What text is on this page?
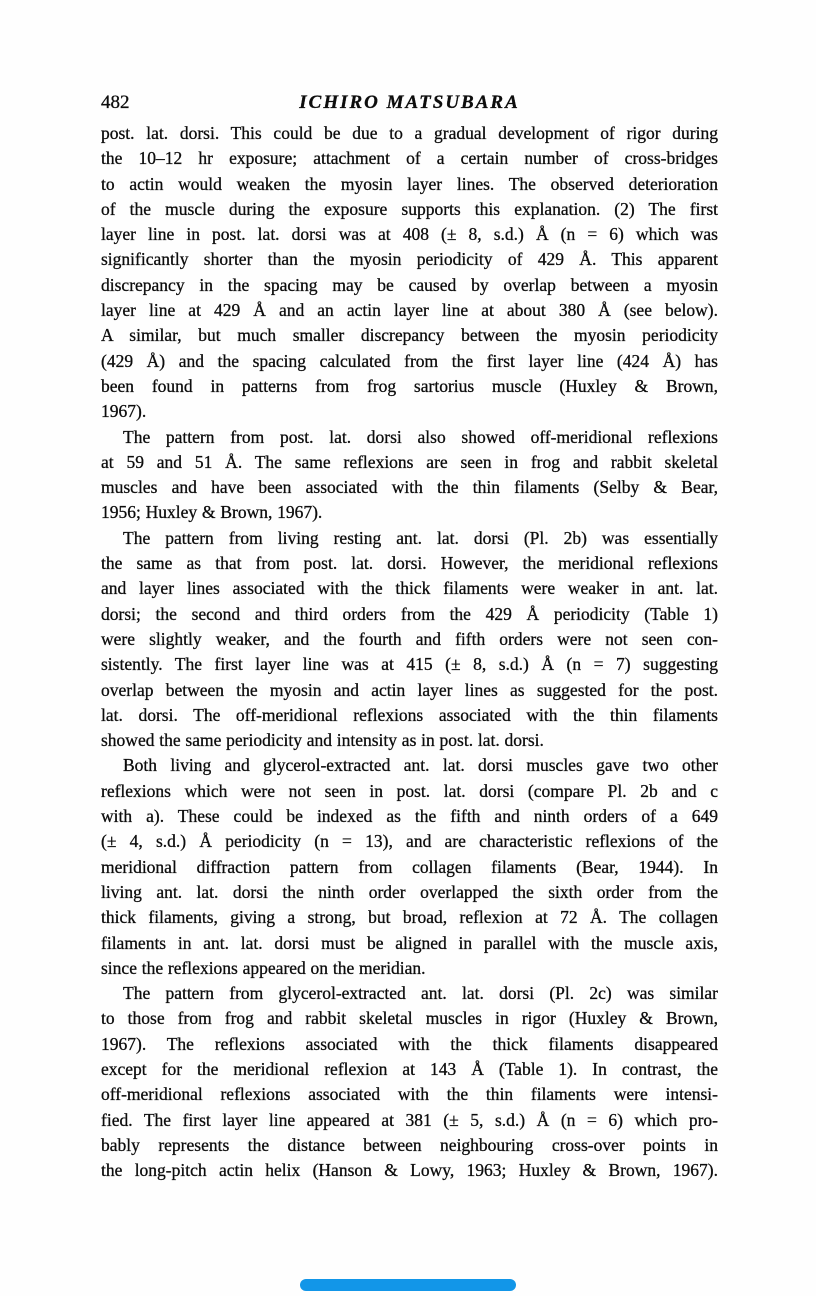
482	ICHIRO MATSUBARA
post. lat. dorsi. This could be due to a gradual development of rigor during
the 10–12 hr exposure; attachment of a certain number of cross-bridges
to actin would weaken the myosin layer lines. The observed deterioration
of the muscle during the exposure supports this explanation. (2) The first
layer line in post. lat. dorsi was at 408 (± 8, s.d.) Å (n = 6) which was
significantly shorter than the myosin periodicity of 429 Å. This apparent
discrepancy in the spacing may be caused by overlap between a myosin
layer line at 429 Å and an actin layer line at about 380 Å (see below).
A similar, but much smaller discrepancy between the myosin periodicity
(429 Å) and the spacing calculated from the first layer line (424 Å) has
been found in patterns from frog sartorius muscle (Huxley & Brown,
1967).
The pattern from post. lat. dorsi also showed off-meridional reflexions
at 59 and 51 Å. The same reflexions are seen in frog and rabbit skeletal
muscles and have been associated with the thin filaments (Selby & Bear,
1956; Huxley & Brown, 1967).
The pattern from living resting ant. lat. dorsi (Pl. 2b) was essentially
the same as that from post. lat. dorsi. However, the meridional reflexions
and layer lines associated with the thick filaments were weaker in ant. lat.
dorsi; the second and third orders from the 429 Å periodicity (Table 1)
were slightly weaker, and the fourth and fifth orders were not seen con-
sistently. The first layer line was at 415 (± 8, s.d.) Å (n = 7) suggesting
overlap between the myosin and actin layer lines as suggested for the post.
lat. dorsi. The off-meridional reflexions associated with the thin filaments
showed the same periodicity and intensity as in post. lat. dorsi.
Both living and glycerol-extracted ant. lat. dorsi muscles gave two other
reflexions which were not seen in post. lat. dorsi (compare Pl. 2b and c
with a). These could be indexed as the fifth and ninth orders of a 649
(± 4, s.d.) Å periodicity (n = 13), and are characteristic reflexions of the
meridional diffraction pattern from collagen filaments (Bear, 1944). In
living ant. lat. dorsi the ninth order overlapped the sixth order from the
thick filaments, giving a strong, but broad, reflexion at 72 Å. The collagen
filaments in ant. lat. dorsi must be aligned in parallel with the muscle axis,
since the reflexions appeared on the meridian.
The pattern from glycerol-extracted ant. lat. dorsi (Pl. 2c) was similar
to those from frog and rabbit skeletal muscles in rigor (Huxley & Brown,
1967). The reflexions associated with the thick filaments disappeared
except for the meridional reflexion at 143 Å (Table 1). In contrast, the
off-meridional reflexions associated with the thin filaments were intensi-
fied. The first layer line appeared at 381 (± 5, s.d.) Å (n = 6) which pro-
bably represents the distance between neighbouring cross-over points in
the long-pitch actin helix (Hanson & Lowy, 1963; Huxley & Brown, 1967).
